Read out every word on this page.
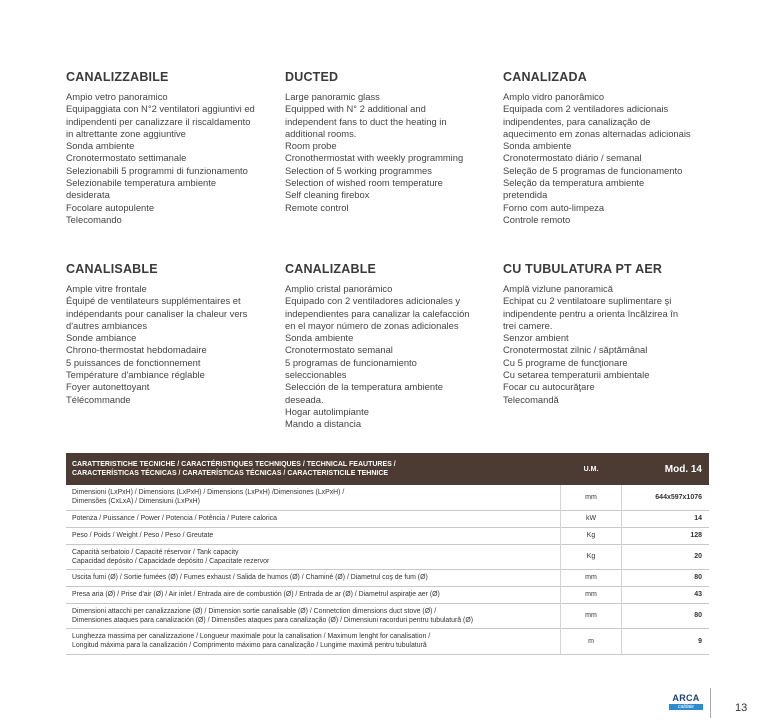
CANALIZZABILE
Ampio vetro panoramico
Equipaggiata con N°2 ventilatori aggiuntivi ed
indipendenti per canalizzare il riscaldamento
in altrettante zone aggiuntive
Sonda ambiente
Cronotermostato settimanale
Selezionabili 5 programmi di funzionamento
Selezionabile temperatura ambiente
desiderata
Focolare autopulente
Telecomando
DUCTED
Large panoramic glass
Equipped with N° 2 additional and
independent fans to duct the heating in
additional rooms.
Room probe
Cronothermostat with weekly programming
Selection of 5 working programmes
Selection of wished room temperature
Self cleaning firebox
Remote control
CANALIZADA
Amplo vidro panorâmico
Equipada com 2 ventiladores adicionais
indipendentes, para canalização de
aquecimento em zonas alternadas adicionais
Sonda ambiente
Cronotermostato diário / semanal
Seleção de 5 programas de funcionamento
Seleção da temperatura ambiente
pretendida
Forno com auto-limpeza
Controle remoto
CANALISABLE
Ample vitre frontale
Équipé de ventilateurs supplémentaires et
indépendants pour canaliser la chaleur vers
d'autres ambiances
Sonde ambiance
Chrono-thermostat hebdomadaire
5 puissances de fonctionnement
Température d'ambiance réglable
Foyer autonettoyant
Télécommande
CANALIZABLE
Amplio cristal panorámico
Equipado con 2 ventiladores adicionales y
independientes para canalizar la calefacción
en el mayor número de zonas adicionales
Sonda ambiente
Cronotermostato semanal
5 programas de funcionamiento
seleccionables
Selección de la temperatura ambiente
deseada.
Hogar autolimpiante
Mando a distancia
CU TUBULATURA PT AER
Amplă vizlune panoramică
Echipat cu 2 ventilatoare suplimentare şi
indipendente pentru a orienta încălzirea în
trei camere.
Senzor ambient
Cronotermostat zilnic / săptămânal
Cu 5 programe de funcţionare
Cu setarea temperaturii ambientale
Focar cu autocurăţare
Telecomandă
CARATTERISTICHE TECNICHE / CARACTÉRISTIQUES TECHNIQUES / TECHNICAL FEAUTURES /
CARACTERÍSTICAS TÉCNICAS / CARATERÍSTICAS TÉCNICAS / CARACTERISTICILE TEHNICE	U.M.	Mod. 14

Dimensioni (LxPxH) / Dimensions (LxPxH) / Dimensions (LxPxH) /Dimensiones (LxPxH) /
Dimensões (CxLxA) / Dimensiuni (LxPxH)	mm	644x597x1076

Potenza / Puissance / Power / Potencia / Potência / Putere calorica	kW	14

Peso / Poids / Weight / Peso / Peso / Greutate	Kg	128

Capacità serbatoio / Capacité réservoir / Tank capacity
Capacidad depósito / Capacidade depósito / Capacitate rezervor	Kg	20

Uscita fumi (Ø) / Sortie fumées (Ø) / Fumes exhaust / Salida de humos (Ø) / Chaminé (Ø) / Diametrul coş de fum (Ø)	mm	80

Presa aria (Ø) / Prise d'air (Ø) / Air inlet / Entrada aire de combustión (Ø) / Entrada de ar (Ø) / Diametrul aspiraţie aer (Ø)	mm	43

Dimensioni attacchi per canalizzazione (Ø) / Dimension sortie canalisable (Ø) / Connetction dimensions duct stove (Ø) /
Dimensiones ataques para canalización (Ø) / Dimensões ataques para canalização (Ø) / Dimensiuni racorduri pentru tubulatură (Ø)	mm	80

Lunghezza massima per canalizzazione / Longueur maximale pour la canalisation / Maximum lenght for canalisation /
Longitud máxima para la canalización / Comprimento máximo para canalização / Lungime maximă pentru tubulatură	m	9
ARCA
caldaie	13
